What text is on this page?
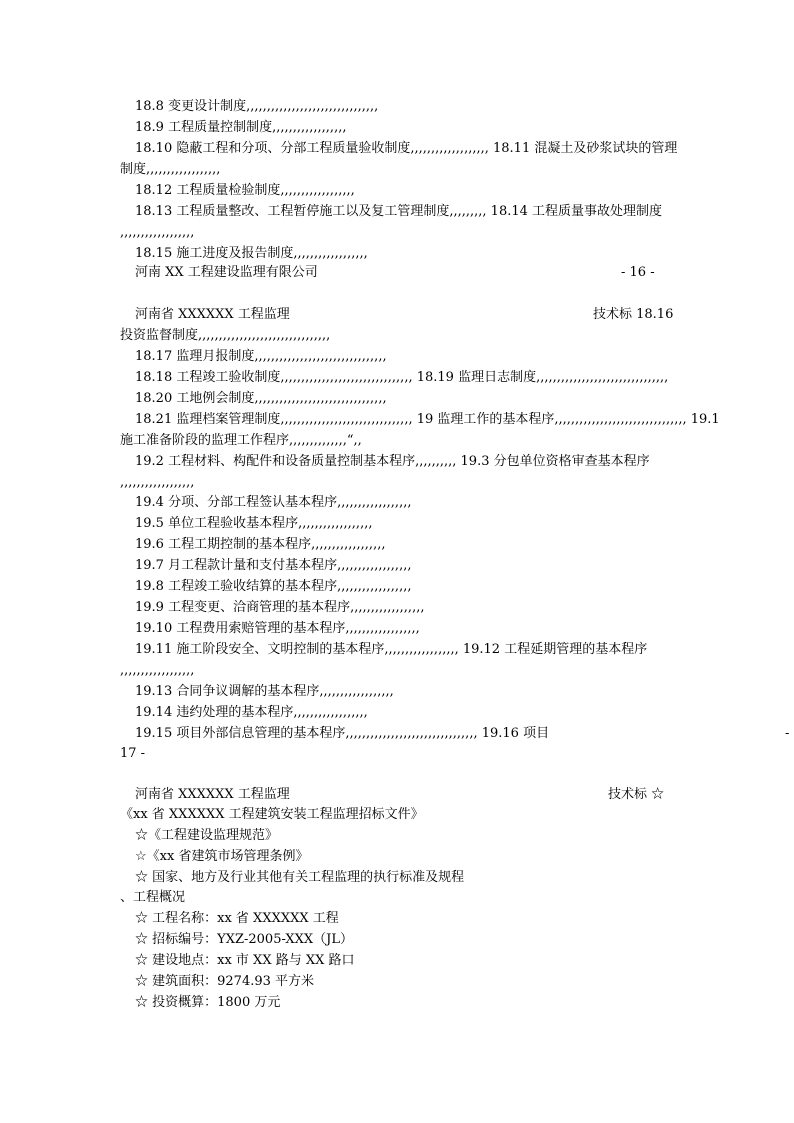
18.8 变更设计制度,,,,,,,,,,,,,,,,,,,,,,,,,,,,,,,,
18.9 工程质量控制制度,,,,,,,,,,,,,,,,,,
18.10 隐蔽工程和分项、分部工程质量验收制度,,,,,,,,,,,,,,,,,,, 18.11 混凝土及砂浆试块的管理
制度,,,,,,,,,,,,,,,,,,
18.12 工程质量检验制度,,,,,,,,,,,,,,,,,,
18.13 工程质量整改、工程暂停施工以及复工管理制度,,,,,,,,, 18.14 工程质量事故处理制度
,,,,,,,,,,,,,,,,,,
18.15 施工进度及报告制度,,,,,,,,,,,,,,,,,,
河南 XX 工程建设监理有限公司	- 16 -
河南省 XXXXXX 工程监理	技术标 18.16
投资监督制度,,,,,,,,,,,,,,,,,,,,,,,,,,,,,,,,
18.17 监理月报制度,,,,,,,,,,,,,,,,,,,,,,,,,,,,,,,,
18.18 工程竣工验收制度,,,,,,,,,,,,,,,,,,,,,,,,,,,,,,,, 18.19 监理日志制度,,,,,,,,,,,,,,,,,,,,,,,,,,,,,,,,
18.20 工地例会制度,,,,,,,,,,,,,,,,,,,,,,,,,,,,,,,,
18.21 监理档案管理制度,,,,,,,,,,,,,,,,,,,,,,,,,,,,,,,, 19 监理工作的基本程序,,,,,,,,,,,,,,,,,,,,,,,,,,,,,,,, 19.1
施工准备阶段的监理工作程序,,,,,,,,,,,,,,“,,
19.2 工程材料、构配件和设备质量控制基本程序,,,,,,,,,, 19.3 分包单位资格审查基本程序
,,,,,,,,,,,,,,,,,,
19.4 分项、分部工程签认基本程序,,,,,,,,,,,,,,,,,,
19.5 单位工程验收基本程序,,,,,,,,,,,,,,,,,,
19.6 工程工期控制的基本程序,,,,,,,,,,,,,,,,,,
19.7 月工程款计量和支付基本程序,,,,,,,,,,,,,,,,,,
19.8 工程竣工验收结算的基本程序,,,,,,,,,,,,,,,,,,
19.9 工程变更、洽商管理的基本程序,,,,,,,,,,,,,,,,,,
19.10 工程费用索赔管理的基本程序,,,,,,,,,,,,,,,,,,
19.11 施工阶段安全、文明控制的基本程序,,,,,,,,,,,,,,,,,, 19.12 工程延期管理的基本程序
,,,,,,,,,,,,,,,,,,
19.13 合同争议调解的基本程序,,,,,,,,,,,,,,,,,,
19.14 违约处理的基本程序,,,,,,,,,,,,,,,,,,
19.15 项目外部信息管理的基本程序,,,,,,,,,,,,,,,,,,,,,,,,,,,,,,,, 19.16 项目	-
17 -
河南省 XXXXXX 工程监理	技术标 ☆
《xx 省 XXXXXX 工程建筑安装工程监理招标文件》
☆《工程建设监理规范》
☆《xx 省建筑市场管理条例》
☆ 国家、地方及行业其他有关工程监理的执行标准及规程
、工程概况
☆ 工程名称：xx 省 XXXXXX 工程
☆ 招标编号：YXZ-2005-XXX（JL）
☆ 建设地点：xx 市 XX 路与 XX 路口
☆ 建筑面积：9274.93 平方米
☆ 投资概算：1800 万元
